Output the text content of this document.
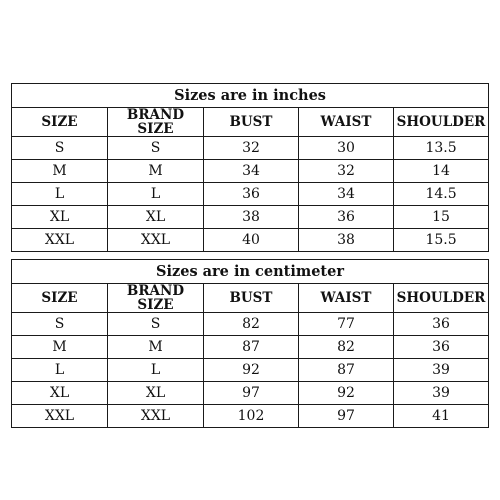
Sizes are in inches				
SIZE	BRAND SIZE	BUST	WAIST	SHOULDER
S	S	32	30	13.5
M	M	34	32	14
L	L	36	34	14.5
XL	XL	38	36	15
XXL	XXL	40	38	15.5
Sizes are in centimeter				
SIZE	BRAND SIZE	BUST	WAIST	SHOULDER
S	S	82	77	36
M	M	87	82	36
L	L	92	87	39
XL	XL	97	92	39
XXL	XXL	102	97	41
